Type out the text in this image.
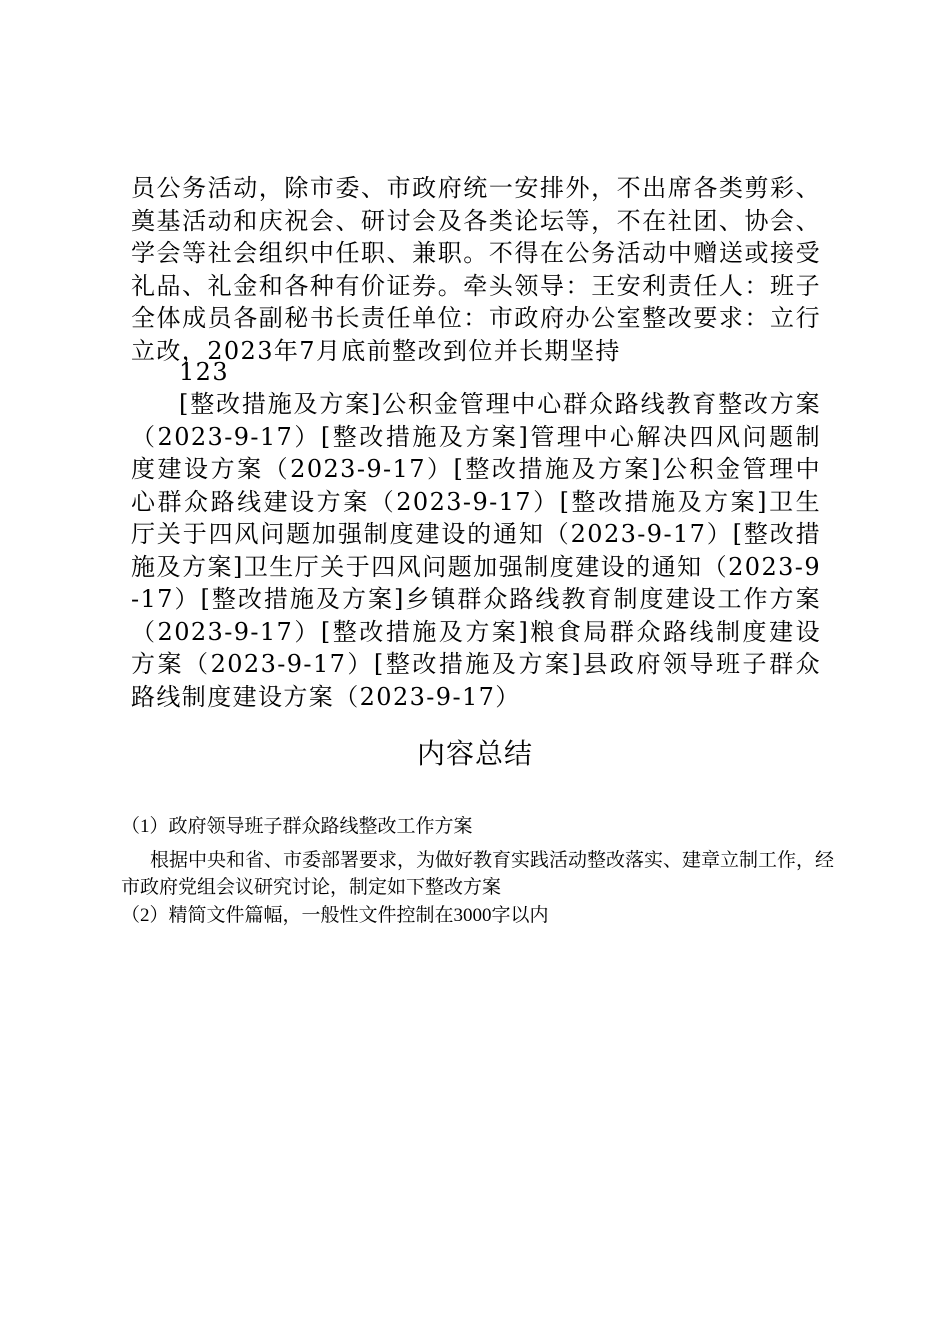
员公务活动，除市委、市政府统一安排外，不出席各类剪彩、奠基活动和庆祝会、研讨会及各类论坛等，不在社团、协会、学会等社会组织中任职、兼职。不得在公务活动中赠送或接受礼品、礼金和各种有价证券。牵头领导：王安利责任人：班子全体成员各副秘书长责任单位：市政府办公室整改要求：立行立改，2023年7月底前整改到位并长期坚持
123
[整改措施及方案]公积金管理中心群众路线教育整改方案（2023-9-17）[整改措施及方案]管理中心解决四风问题制度建设方案（2023-9-17）[整改措施及方案]公积金管理中心群众路线建设方案（2023-9-17）[整改措施及方案]卫生厅关于四风问题加强制度建设的通知（2023-9-17）[整改措施及方案]卫生厅关于四风问题加强制度建设的通知（2023-9-17）[整改措施及方案]乡镇群众路线教育制度建设工作方案（2023-9-17）[整改措施及方案]粮食局群众路线制度建设方案（2023-9-17）[整改措施及方案]县政府领导班子群众路线制度建设方案（2023-9-17）
内容总结
（1）政府领导班子群众路线整改工作方案
根据中央和省、市委部署要求，为做好教育实践活动整改落实、建章立制工作，经市政府党组会议研究讨论，制定如下整改方案
（2）精简文件篇幅，一般性文件控制在3000字以内
